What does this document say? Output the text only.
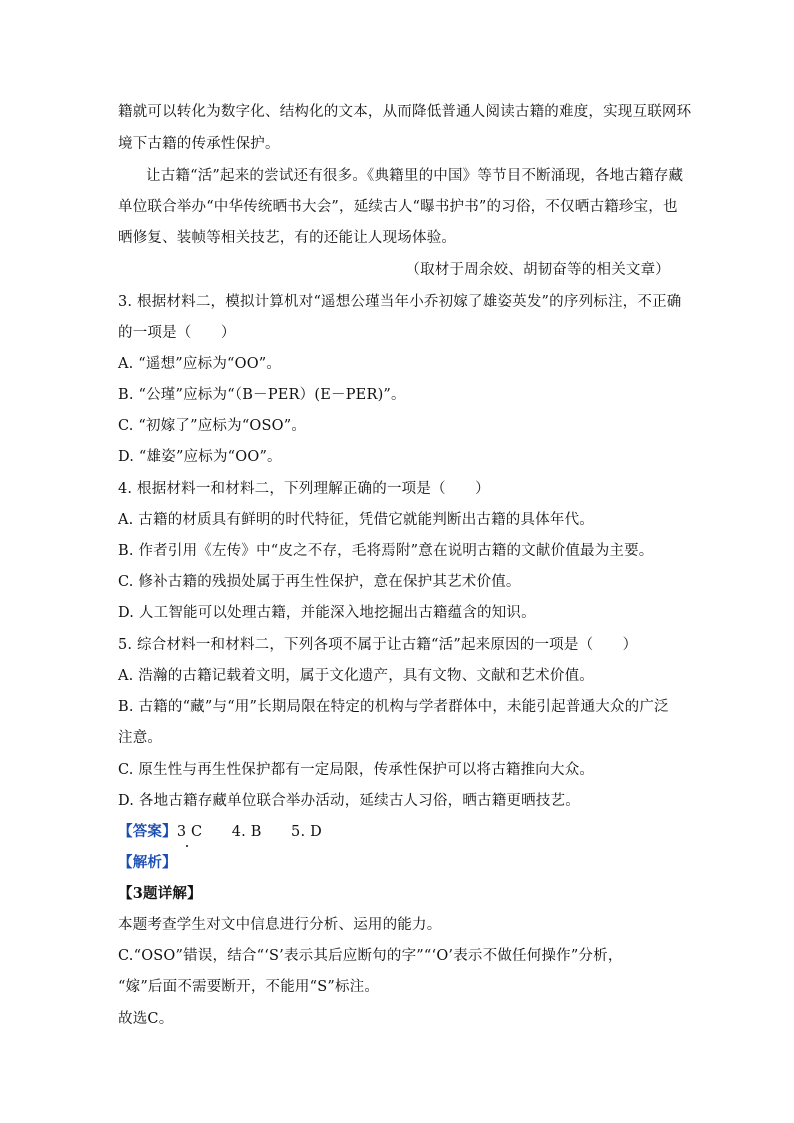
籍就可以转化为数字化、结构化的文本，从而降低普通人阅读古籍的难度，实现互联网环
境下古籍的传承性保护。
让古籍“活”起来的尝试还有很多。《典籍里的中国》等节目不断涌现，各地古籍存藏
单位联合举办“中华传统晒书大会”，延续古人“曝书护书”的习俗，不仅晒古籍珍宝，也
晒修复、装帧等相关技艺，有的还能让人现场体验。
（取材于周余姣、胡韧奋等的相关文章）
3. 根据材料二，模拟计算机对“遥想公瑾当年小乔初嫁了雄姿英发”的序列标注，不正确
的一项是（　　）
A. “遥想”应标为“OO”。
B. “公瑾”应标为“（B－PER）(E－PER)”。
C. “初嫁了”应标为“OSO”。
D. “雄姿”应标为“OO”。
4. 根据材料一和材料二，下列理解正确的一项是（　　）
A. 古籍的材质具有鲜明的时代特征，凭借它就能判断出古籍的具体年代。
B. 作者引用《左传》中“皮之不存，毛将焉附”意在说明古籍的文献价值最为主要。
C. 修补古籍的残损处属于再生性保护，意在保护其艺术价值。
D. 人工智能可以处理古籍，并能深入地挖掘出古籍蕴含的知识。
5. 综合材料一和材料二，下列各项不属于让古籍“活”起来原因的一项是（　　）
A. 浩瀚的古籍记载着文明，属于文化遗产，具有文物、文献和艺术价值。
B. 古籍的“藏”与“用”长期局限在特定的机构与学者群体中，未能引起普通大众的广泛
注意。
C. 原生性与再生性保护都有一定局限，传承性保护可以将古籍推向大众。
D. 各地古籍存藏单位联合举办活动，延续古人习俗，晒古籍更晒技艺。
【答案】3 C　　4. B　　5. D
【解析】
【3题详解】
本题考查学生对文中信息进行分析、运用的能力。
C.“OSO”错误，结合“‘S’表示其后应断句的字”“‘O’表示不做任何操作”分析，
“嫁”后面不需要断开，不能用“S”标注。
故选C。
